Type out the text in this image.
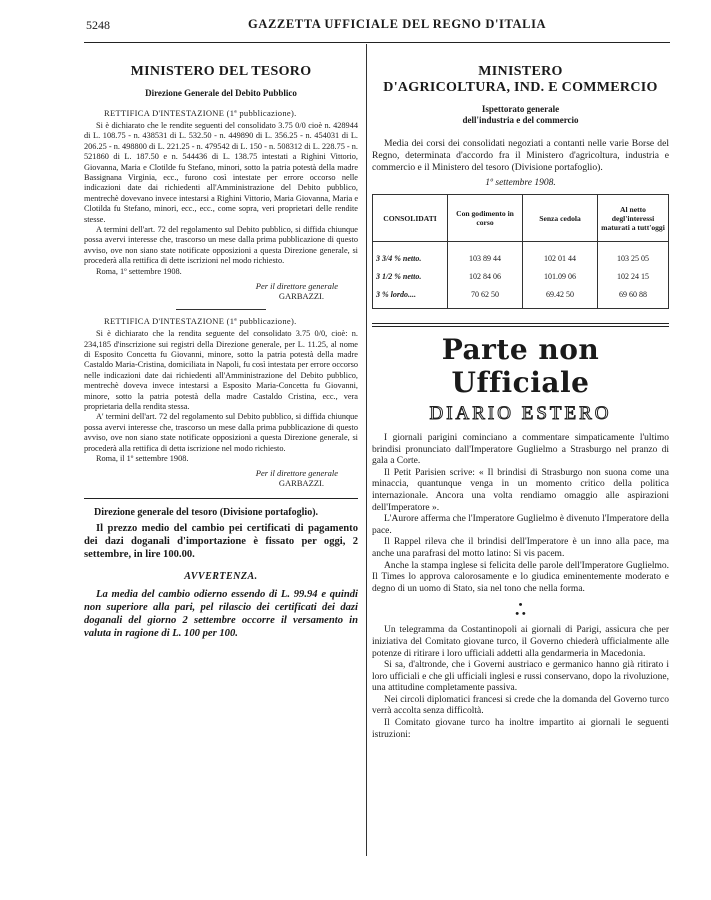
5248	GAZZETTA UFFICIALE DEL REGNO D'ITALIA
MINISTERO DEL TESORO
Direzione Generale del Debito Pubblico
RETTIFICA D'INTESTAZIONE (1ª pubblicazione).

Si è dichiarato che le rendite seguenti del consolidato 3.75 0/0 cioè n. 428944 di L. 108.75 - n. 438531 di L. 532.50 - n. 449890 di L. 356.25 - n. 454031 di L. 206.25 - n. 498800 di L. 221.25 - n. 479542 di L. 150 - n. 508312 di L. 228.75 - n. 521860 di L. 187.50 e n. 544436 di L. 138.75 intestati a Righini Vittorio, Giovanna, Maria e Clotilde fu Stefano, minori, sotto la patria potestà della madre Bassignana Virginia, ecc., furono così intestate per errore occorso nelle indicazioni date dai richiedenti all'Amministrazione del Debito pubblico, mentrechè dovevano invece intestarsi a Righini Vittorio, Maria Giovanna, Maria e Clotilda fu Stefano, minori, ecc., ecc., come sopra, veri proprietari delle rendite stesse.

A termini dell'art. 72 del regolamento sul Debito pubblico, si diffida chiunque possa avervi interesse che, trascorso un mese dalla prima pubblicazione di questo avviso, ove non siano state notificate opposizioni a questa Direzione generale, si procederà alla rettifica di dette iscrizioni nel modo richiesto.

Roma, 1º settembre 1908.

Per il direttore generale
GARBAZZI.
RETTIFICA D'INTESTAZIONE (1ª pubblicazione).

Si è dichiarato che la rendita seguente del consolidato 3.75 0/0, cioè: n. 234,185 d'inscrizione sui registri della Direzione generale, per L. 11.25, al nome di Esposito Concetta fu Giovanni, minore, sotto la patria potestà della madre Castaldo Maria-Cristina, domiciliata in Napoli, fu così intestata per errore occorso nelle indicazioni date dai richiedenti all'Amministrazione del Debito pubblico, mentrechè doveva invece intestarsi a Esposito Maria-Concetta fu Giovanni, minore, sotto la patria potestà della madre Castaldo Cristina, ecc., vera proprietaria della rendita stessa.

A' termini dell'art. 72 del regolamento sul Debito pubblico, si diffida chiunque possa avervi interesse che, trascorso un mese dalla prima pubblicazione di questo avviso, ove non siano state notificate opposizioni a questa Direzione generale, si procederà alla rettifica di detta iscrizione nel modo richiesto.

Roma, il 1º settembre 1908.

Per il direttore generale
GARBAZZI.
Direzione generale del tesoro (Divisione portafoglio).

Il prezzo medio del cambio pei certificati di pagamento dei dazi doganali d'importazione è fissato per oggi, 2 settembre, in lire 100.00.

AVVERTENZA.

La media del cambio odierno essendo di L. 99.94 e quindi non superiore alla pari, pel rilascio dei certificati dei dazi doganali del giorno 2 settembre occorre il versamento in valuta in ragione di L. 100 per 100.

MINISTERO
D'AGRICOLTURA, IND. E COMMERCIO
Ispettorato generale
dell'industria e del commercio

Media dei corsi dei consolidati negoziati a contanti nelle varie Borse del Regno, determinata d'accordo fra il Ministero d'agricoltura, industria e commercio e il Ministero del tesoro (Divisione portafoglio).

1º settembre 1908.
CONSOLIDATI	Con godimento in corso	Senza cedola	Al netto degl'interessi maturati a tutt'oggi
3 3/4 % netto.	103 89 44	102 01 44	103 25 05
3 1/2 % netto.	102 84 06	101.09 06	102 24 15
3 % lordo....	70 62 50	69.42 50	69 60 88
Parte non Ufficiale
DIARIO ESTERO

I giornali parigini cominciano a commentare simpaticamente l'ultimo brindisi pronunciato dall'Imperatore Guglielmo a Strasburgo nel pranzo di gala a Corte.

Il Petit Parisien scrive: « Il brindisi di Strasburgo non suona come una minaccia, quantunque venga in un momento critico della politica internazionale. Ancora una volta rendiamo omaggio alle aspirazioni dell'Imperatore ».

L'Aurore afferma che l'Imperatore Guglielmo è divenuto l'Imperatore della pace.

Il Rappel rileva che il brindisi dell'Imperatore è un inno alla pace, ma anche una parafrasi del motto latino: Si vis pacem.

Anche la stampa inglese si felicita delle parole dell'Imperatore Guglielmo. Il Times lo approva calorosamente e lo giudica eminentemente moderato e degno di un uomo di Stato, sia nel tono che nella forma.

•
• •

Un telegramma da Costantinopoli ai giornali di Parigi, assicura che per iniziativa del Comitato giovane turco, il Governo chiederà ufficialmente alle potenze di ritirare i loro ufficiali addetti alla gendarmeria in Macedonia.

Si sa, d'altronde, che i Governi austriaco e germanico hanno già ritirato i loro ufficiali e che gli ufficiali inglesi e russi conservano, dopo la rivoluzione, una attitudine completamente passiva.

Nei circoli diplomatici francesi si crede che la domanda del Governo turco verrà accolta senza difficoltà.

Il Comitato giovane turco ha inoltre impartito ai giornali le seguenti istruzioni:
